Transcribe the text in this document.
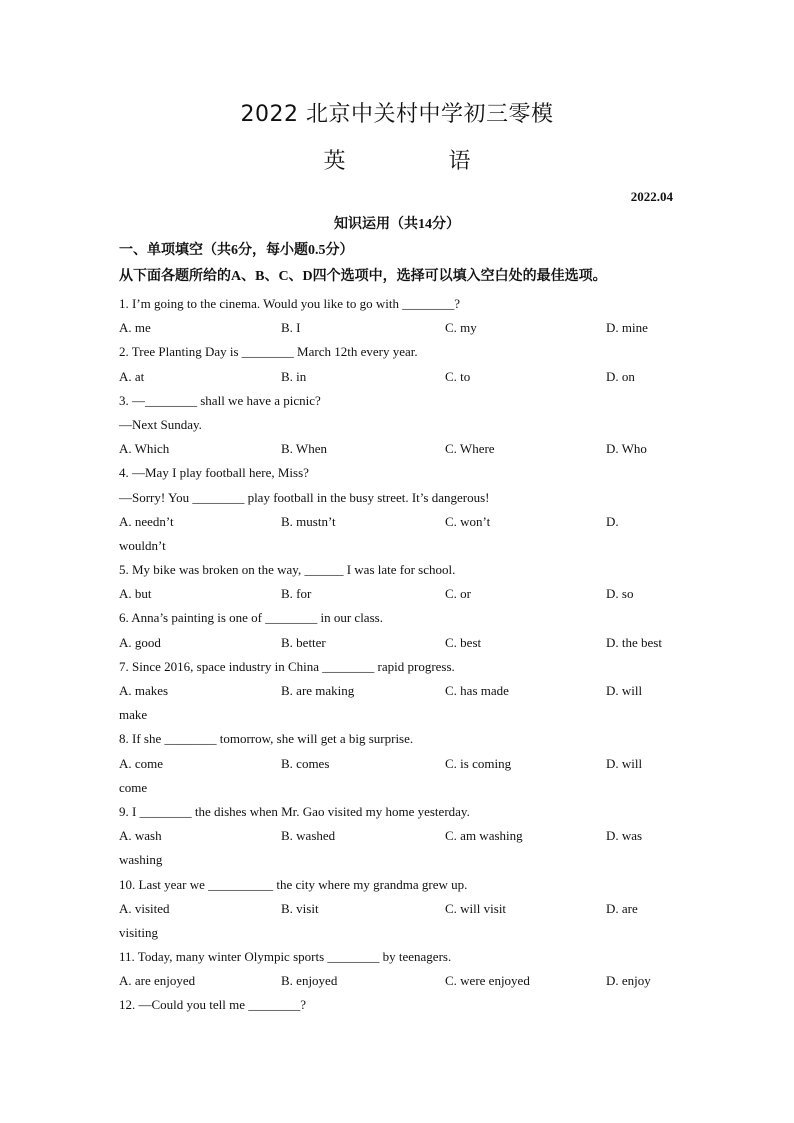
2022 北京中关村中学初三零模
英 语
2022.04
知识运用（共14分）
一、单项填空（共6分，每小题0.5分）
从下面各题所给的A、B、C、D四个选项中，选择可以填入空白处的最佳选项。
1. I’m going to the cinema. Would you like to go with ________?
A. me	B. I	C. my	D. mine
2. Tree Planting Day is ________ March 12th every year.
A. at	B. in	C. to	D. on
3. —________ shall we have a picnic?
—Next Sunday.
A. Which	B. When	C. Where	D. Who
4. —May I play football here, Miss?
—Sorry! You ________ play football in the busy street. It’s dangerous!
A. needn’t	B. mustn’t	C. won’t	D.
wouldn’t
5. My bike was broken on the way, ______ I was late for school.
A. but	B. for	C. or	D. so
6. Anna’s painting is one of ________ in our class.
A. good	B. better	C. best	D. the best
7. Since 2016, space industry in China ________ rapid progress.
A. makes	B. are making	C. has made	D. will
make
8. If she ________ tomorrow, she will get a big surprise.
A. come	B. comes	C. is coming	D. will
come
9. I ________ the dishes when Mr. Gao visited my home yesterday.
A. wash	B. washed	C. am washing	D. was
washing
10. Last year we __________ the city where my grandma grew up.
A. visited	B. visit	C. will visit	D. are
visiting
11. Today, many winter Olympic sports ________ by teenagers.
A. are enjoyed	B. enjoyed	C. were enjoyed	D. enjoy
12. —Could you tell me ________?
